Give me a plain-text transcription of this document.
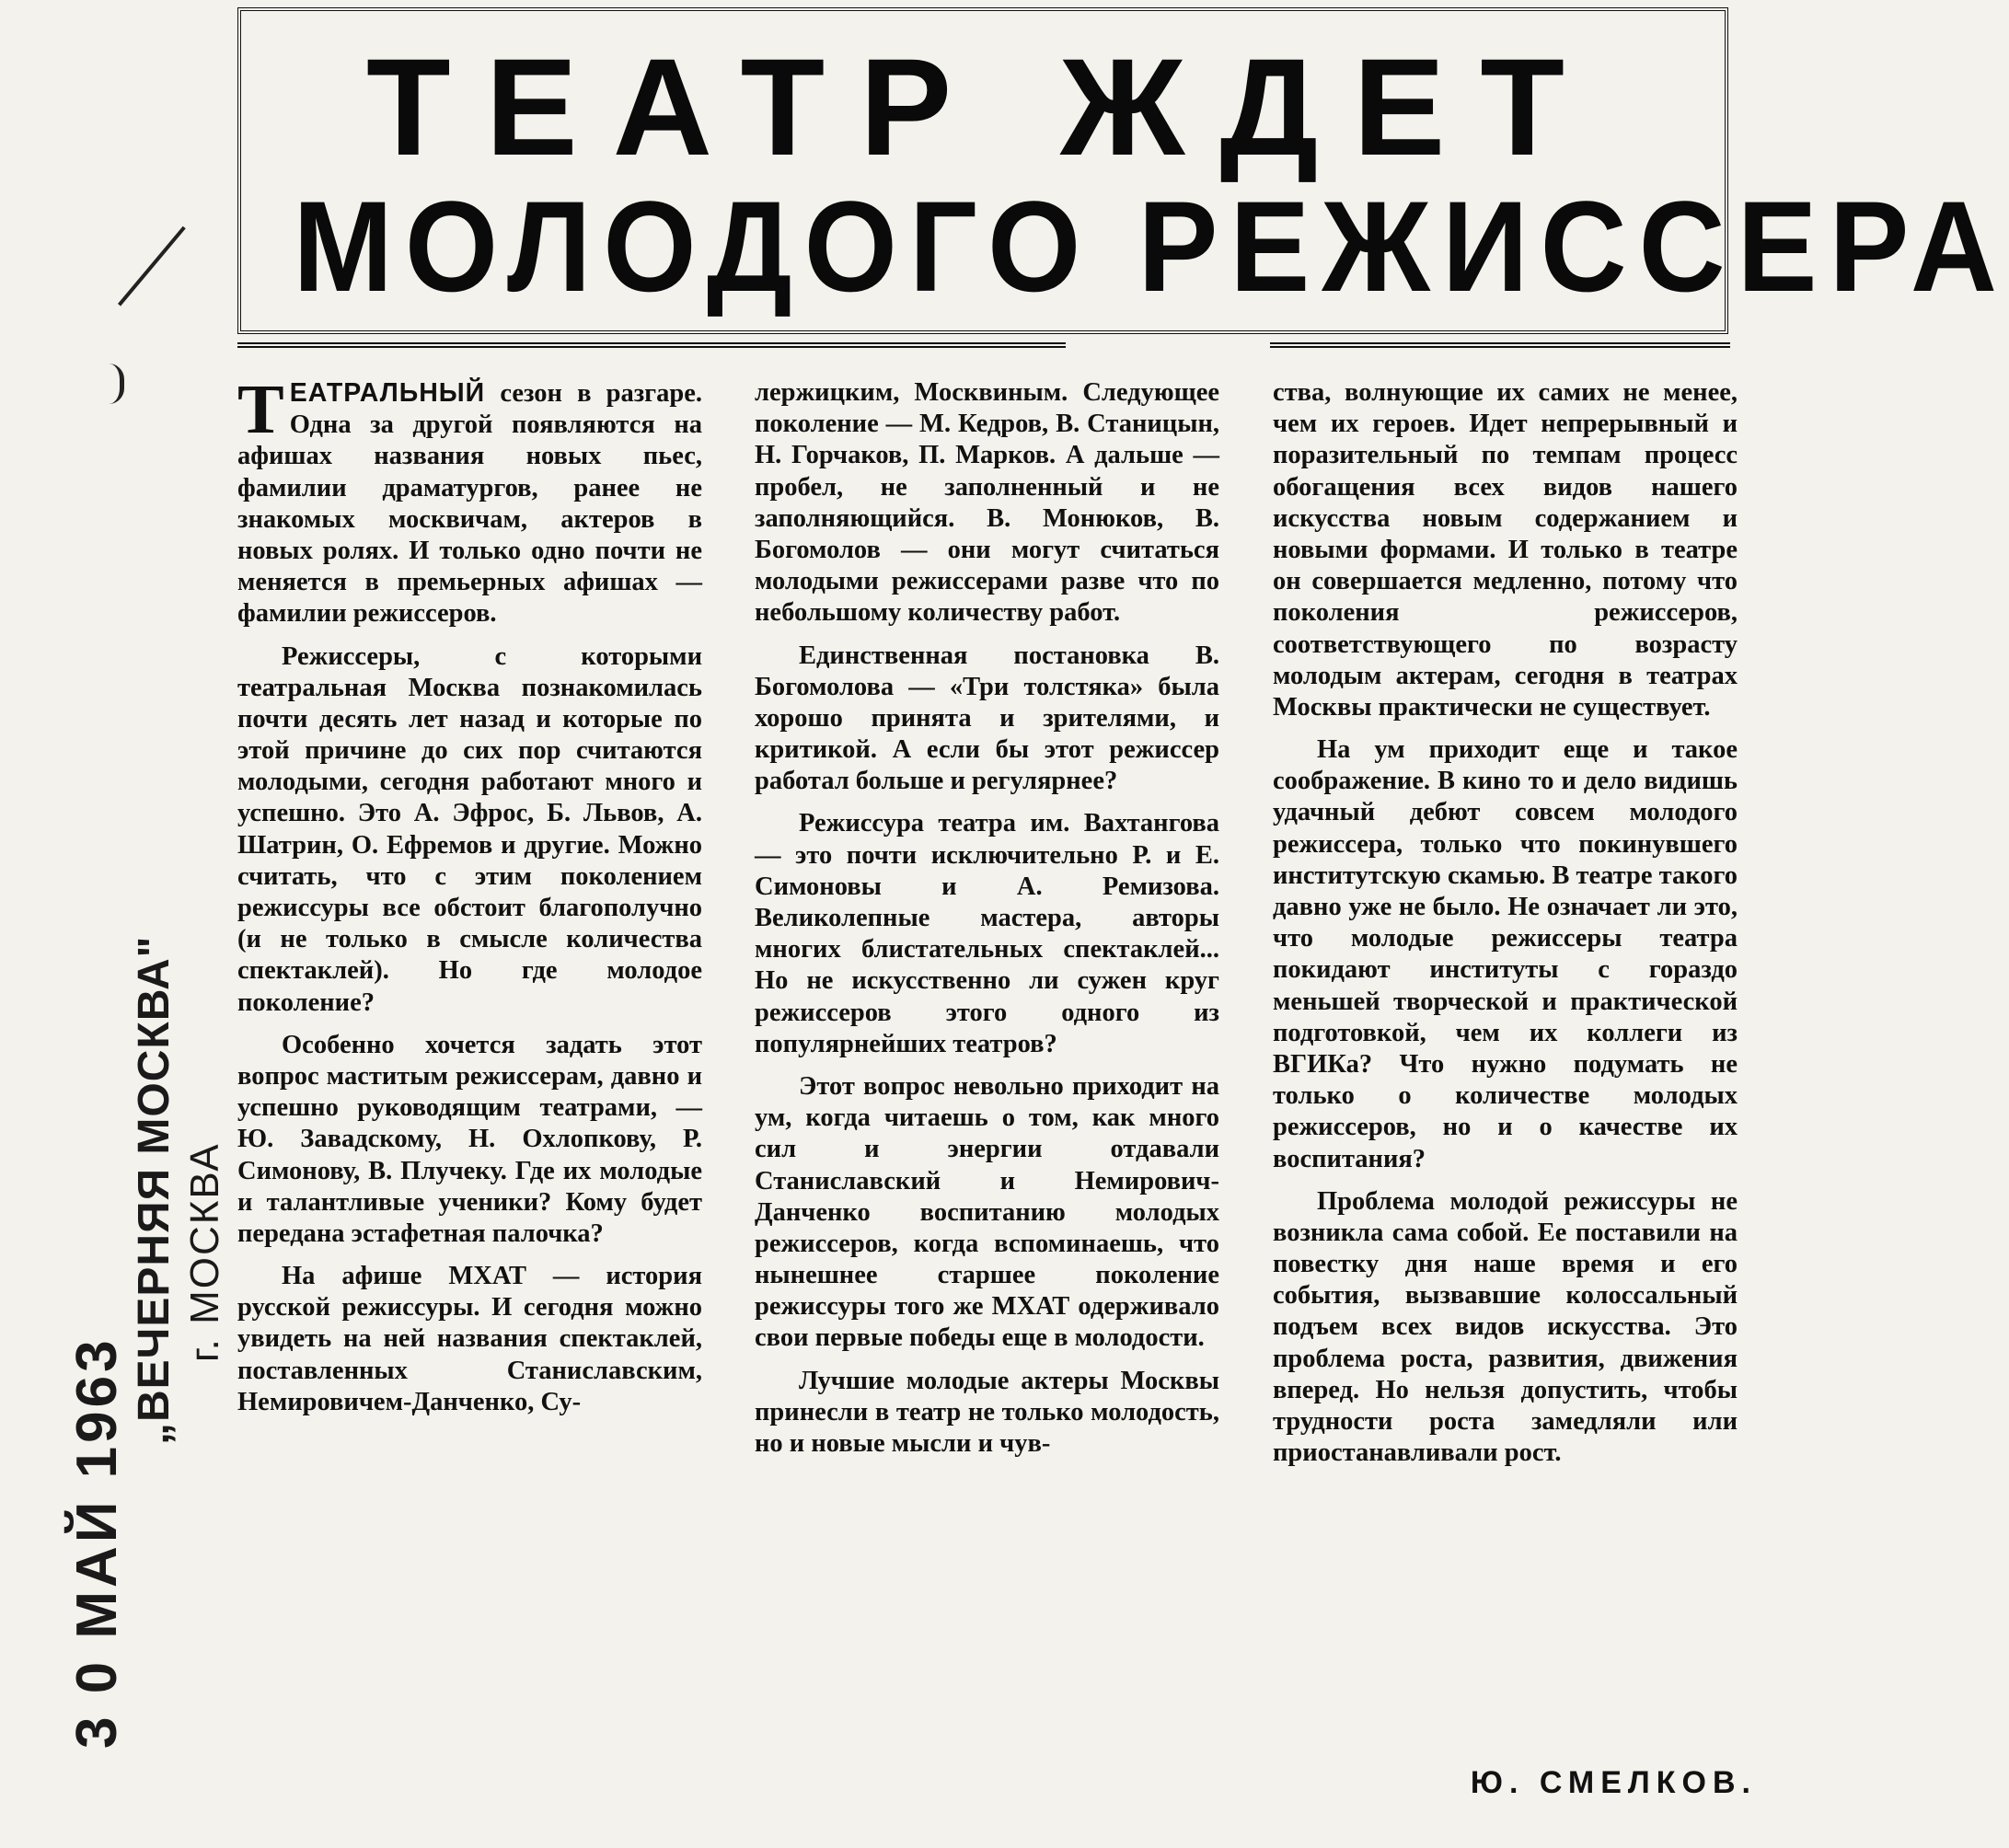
3 0 МАЙ 1963
„ВЕЧЕРНЯЯ МОСКВА" г. МОСКВА
ТЕАТР ЖДЕТ
МОЛОДОГО РЕЖИССЕРА

ТЕАТРАЛЬНЫЙ сезон в разгаре. Одна за другой появляются на афишах названия новых пьес, фамилии драматургов, ранее не знакомых москвичам, актеров в новых ролях. И только одно почти не меняется в премьерных афишах — фамилии режиссеров.

Режиссеры, с которыми театральная Москва познакомилась почти десять лет назад и которые по этой причине до сих пор считаются молодыми, сегодня работают много и успешно. Это А. Эфрос, Б. Львов, А. Шатрин, О. Ефремов и другие. Можно считать, что с этим поколением режиссуры все обстоит благополучно (и не только в смысле количества спектаклей). Но где молодое поколение?

Особенно хочется задать этот вопрос маститым режиссерам, давно и успешно руководящим театрами, — Ю. Завадскому, Н. Охлопкову, Р. Симонову, В. Плучеку. Где их молодые и талантливые ученики? Кому будет передана эстафетная палочка?

На афише МХАТ — история русской режиссуры. И сегодня можно увидеть на ней названия спектаклей, поставленных Станиславским, Немировичем-Данченко, Су-

лержицким, Москвиным. Следующее поколение — М. Кедров, В. Станицын, Н. Горчаков, П. Марков. А дальше — пробел, не заполненный и не заполняющийся. В. Монюков, В. Богомолов — они могут считаться молодыми режиссерами разве что по небольшому количеству работ.

Единственная постановка В. Богомолова — «Три толстяка» была хорошо принята и зрителями, и критикой. А если бы этот режиссер работал больше и регулярнее?

Режиссура театра им. Вахтангова — это почти исключительно Р. и Е. Симоновы и А. Ремизова. Великолепные мастера, авторы многих блистательных спектаклей... Но не искусственно ли сужен круг режиссеров этого одного из популярнейших театров?

Этот вопрос невольно приходит на ум, когда читаешь о том, как много сил и энергии отдавали Станиславский и Немирович-Данченко воспитанию молодых режиссеров, когда вспоминаешь, что нынешнее старшее поколение режиссуры того же МХАТ одерживало свои первые победы еще в молодости.

Лучшие молодые актеры Москвы принесли в театр не только молодость, но и новые мысли и чув-

ства, волнующие их самих не менее, чем их героев. Идет непрерывный и поразительный по темпам процесс обогащения всех видов нашего искусства новым содержанием и новыми формами. И только в театре он совершается медленно, потому что поколения режиссеров, соответствующего по возрасту молодым актерам, сегодня в театрах Москвы практически не существует.

На ум приходит еще и такое соображение. В кино то и дело видишь удачный дебют совсем молодого режиссера, только что покинувшего институтскую скамью. В театре такого давно уже не было. Не означает ли это, что молодые режиссеры театра покидают институты с гораздо меньшей творческой и практической подготовкой, чем их коллеги из ВГИКа? Что нужно подумать не только о количестве молодых режиссеров, но и о качестве их воспитания?

Проблема молодой режиссуры не возникла сама собой. Ее поставили на повестку дня наше время и его события, вызвавшие колоссальный подъем всех видов искусства. Это проблема роста, развития, движения вперед. Но нельзя допустить, чтобы трудности роста замедляли или приостанавливали рост.

Ю. СМЕЛКОВ.
